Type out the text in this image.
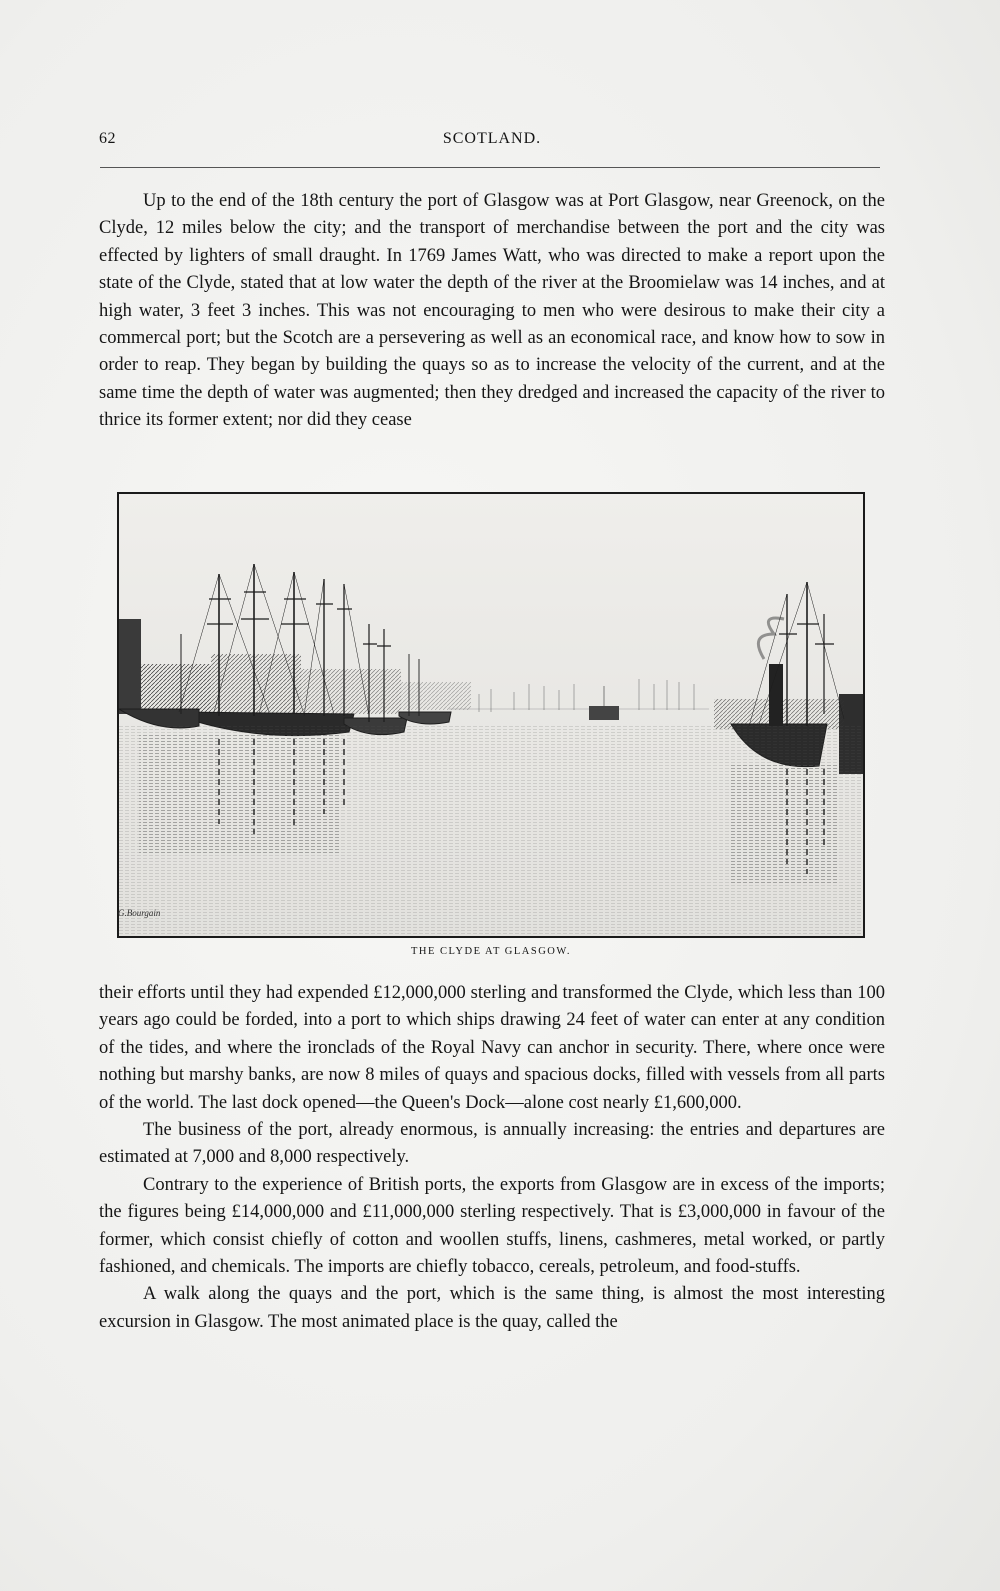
62	SCOTLAND.

Up to the end of the 18th century the port of Glasgow was at Port Glasgow, near Greenock, on the Clyde, 12 miles below the city; and the transport of merchandise between the port and the city was effected by lighters of small draught. In 1769 James Watt, who was directed to make a report upon the state of the Clyde, stated that at low water the depth of the river at the Broomielaw was 14 inches, and at high water, 3 feet 3 inches. This was not encouraging to men who were desirous to make their city a commercal port; but the Scotch are a persevering as well as an economical race, and know how to sow in order to reap. They began by building the quays so as to increase the velocity of the current, and at the same time the depth of water was augmented; then they dredged and increased the capacity of the river to thrice its former extent; nor did they cease

G.Bourgain
THE CLYDE AT GLASGOW.

their efforts until they had expended £12,000,000 sterling and transformed the Clyde, which less than 100 years ago could be forded, into a port to which ships drawing 24 feet of water can enter at any condition of the tides, and where the ironclads of the Royal Navy can anchor in security. There, where once were nothing but marshy banks, are now 8 miles of quays and spacious docks, filled with vessels from all parts of the world. The last dock opened—the Queen's Dock—alone cost nearly £1,600,000.

The business of the port, already enormous, is annually increasing: the entries and departures are estimated at 7,000 and 8,000 respectively.

Contrary to the experience of British ports, the exports from Glasgow are in excess of the imports; the figures being £14,000,000 and £11,000,000 sterling respectively. That is £3,000,000 in favour of the former, which consist chiefly of cotton and woollen stuffs, linens, cashmeres, metal worked, or partly fashioned, and chemicals. The imports are chiefly tobacco, cereals, petroleum, and food-stuffs.

A walk along the quays and the port, which is the same thing, is almost the most interesting excursion in Glasgow. The most animated place is the quay, called the
